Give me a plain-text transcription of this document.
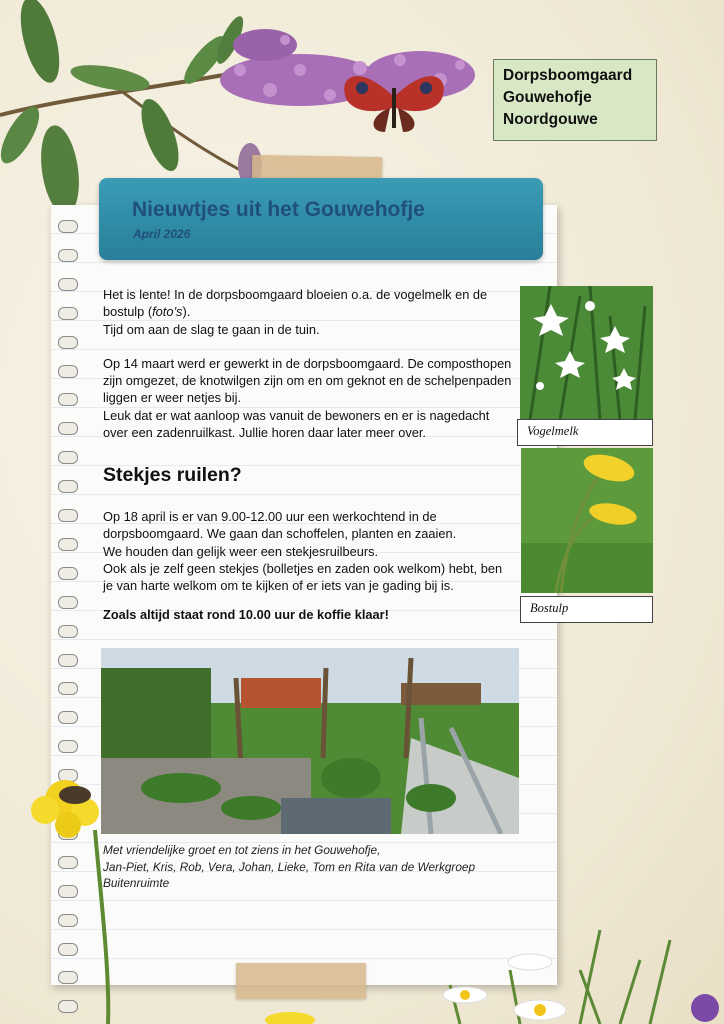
Dorpsboomgaard
Gouwehofje
Noordgouwe
Nieuwtjes uit het Gouwehofje
April 2026

Het is lente! In de dorpsboomgaard bloeien o.a. de vogelmelk en de bostulp (foto’s).

Tijd om aan de slag te gaan in de tuin.

Op 14 maart werd er gewerkt in de dorpsboomgaard. De composthopen zijn omgezet, de knotwilgen zijn om en om geknot en de schelpenpaden liggen er weer netjes bij.

Leuk dat er wat aanloop was vanuit de bewoners en er is nagedacht over een zadenruilkast. Jullie horen daar later meer over.

Stekjes ruilen?

Op 18 april is er van 9.00-12.00 uur een werkochtend in de dorpsboomgaard. We gaan dan schoffelen, planten en zaaien.

We houden dan gelijk weer een stekjesruilbeurs.

Ook als je zelf geen stekjes (bolletjes en zaden ook welkom) hebt, ben je van harte welkom om te kijken of er iets van je gading bij is.

Zoals altijd staat rond 10.00 uur de koffie klaar!

Vogelmelk
Bostulp
Met vriendelijke groet en tot ziens in het Gouwehofje,
Jan-Piet, Kris, Rob, Vera, Johan, Lieke, Tom en Rita van de Werkgroep Buitenruimte
